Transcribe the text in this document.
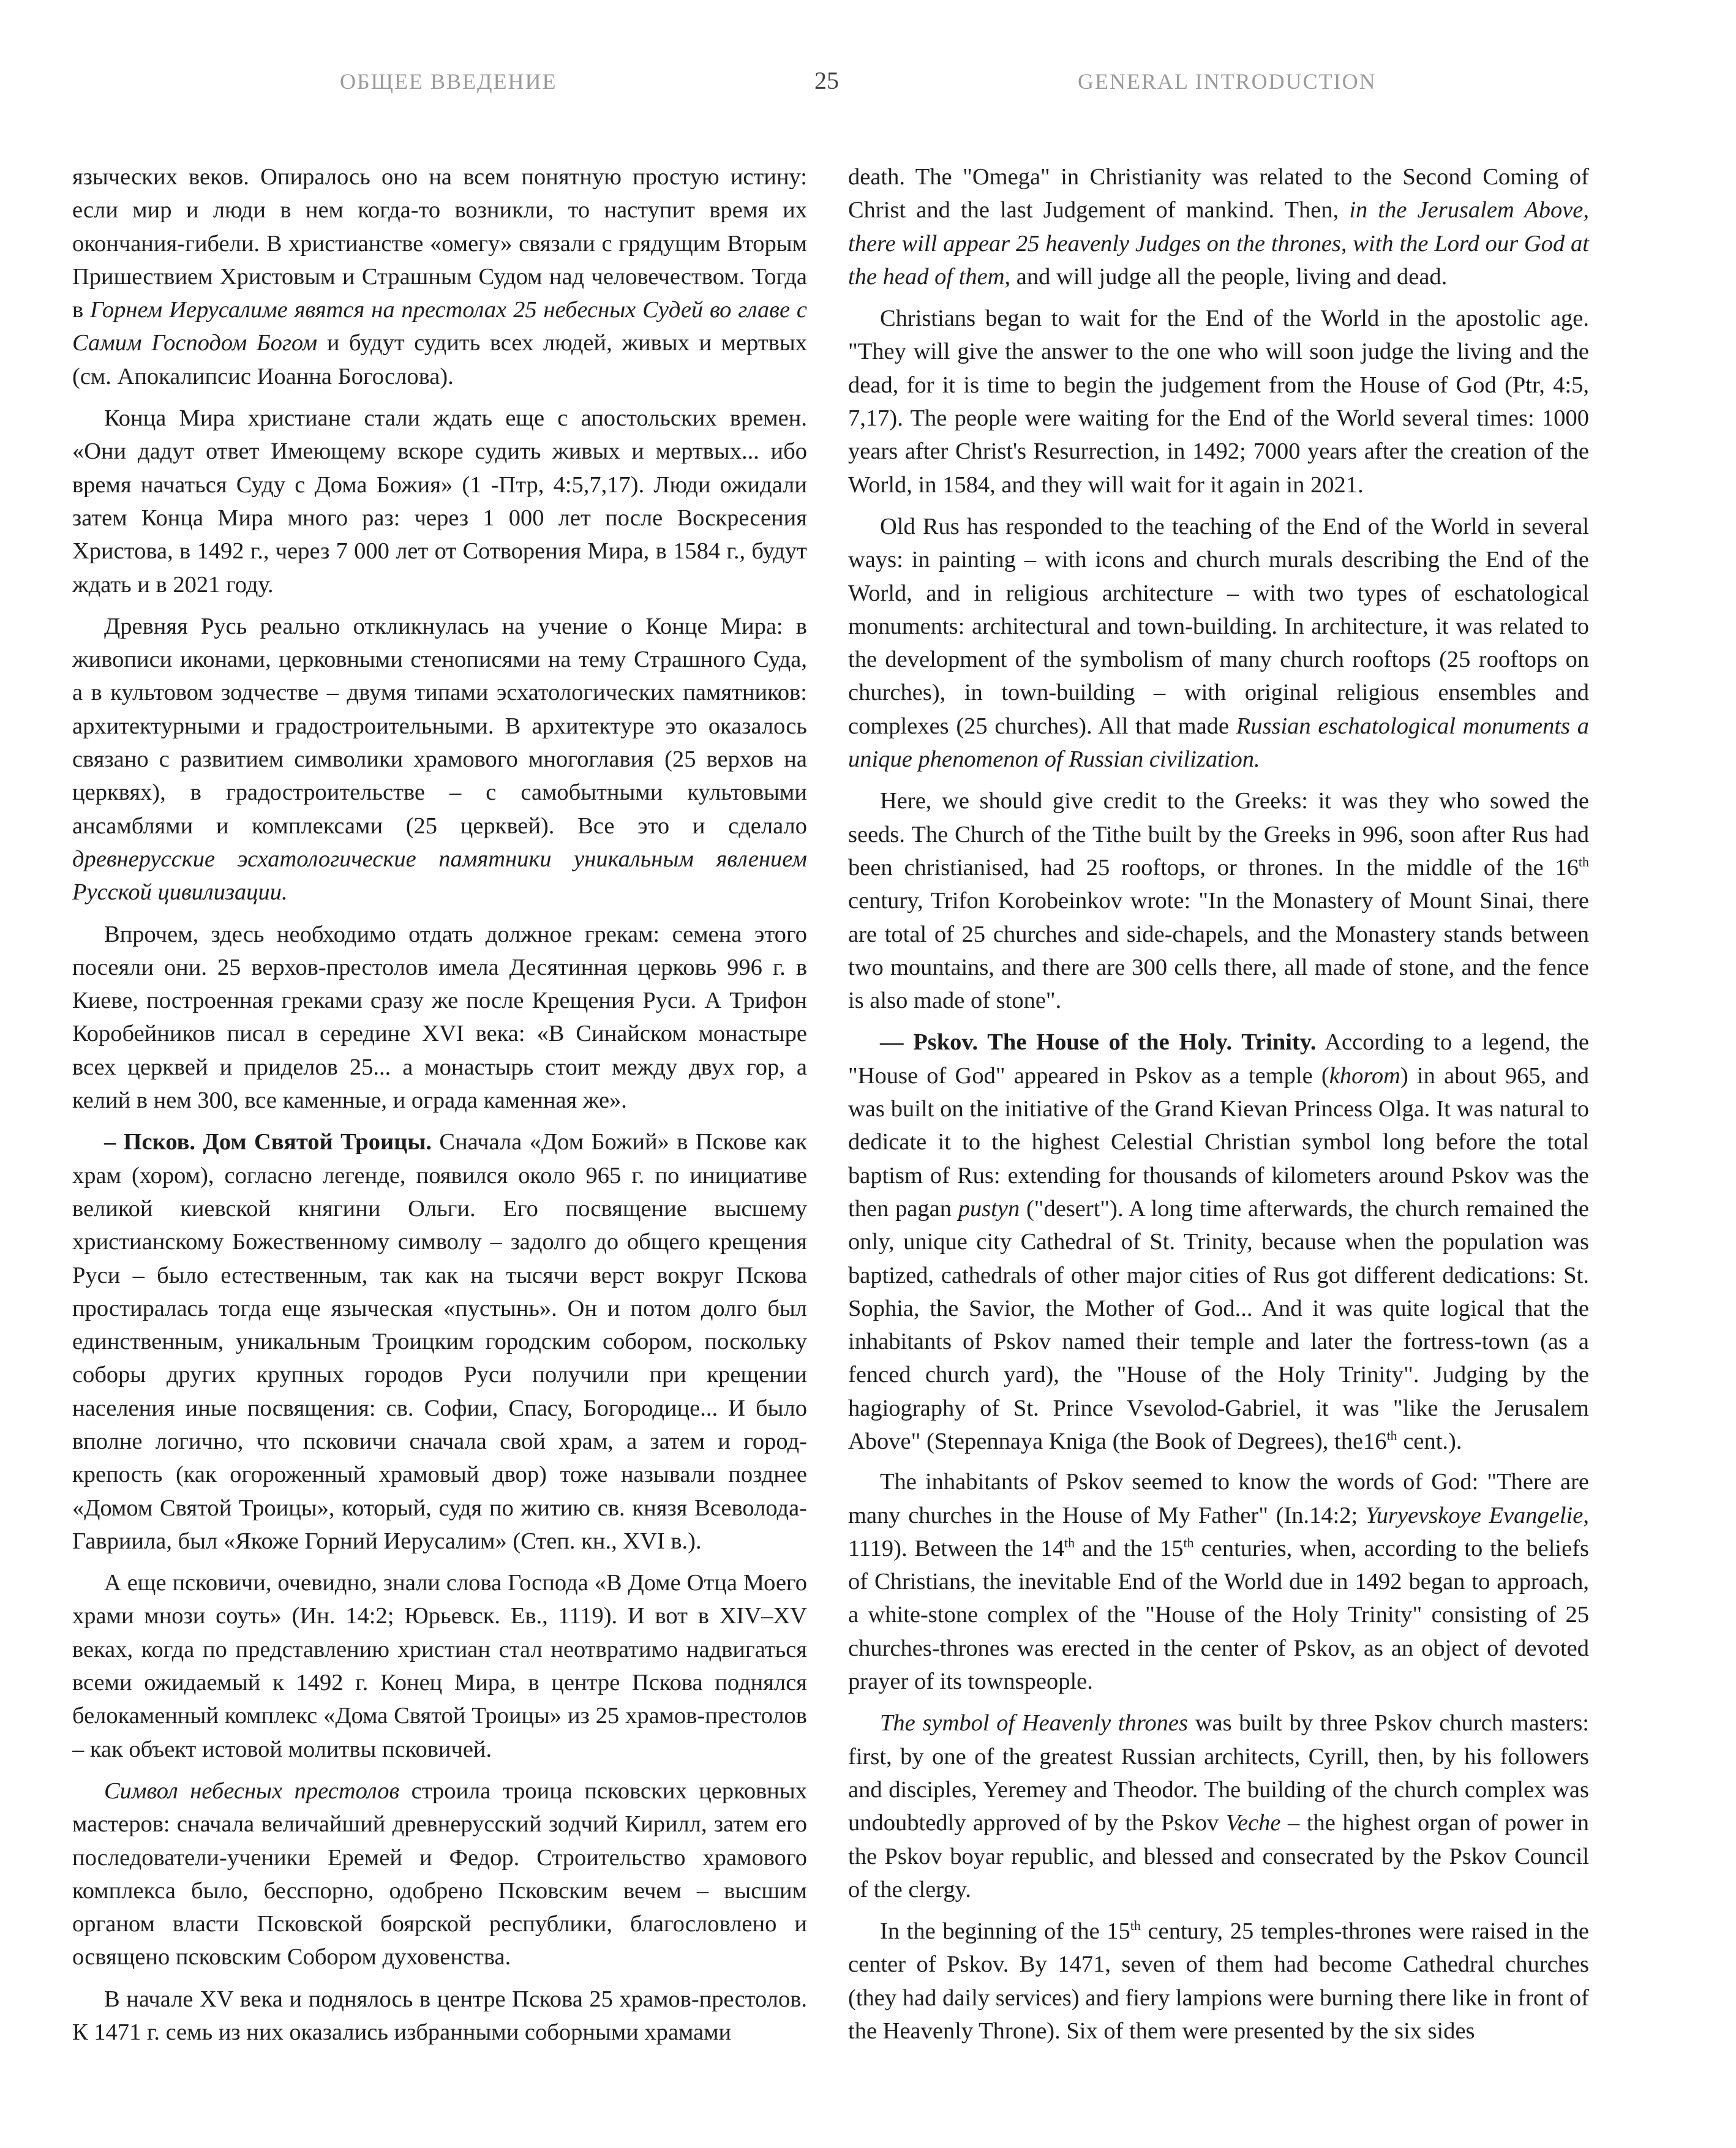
ОБЩЕЕ ВВЕДЕНИЕ	25	GENERAL INTRODUCTION

языческих веков. Опиралось оно на всем понятную простую истину: если мир и люди в нем когда-то возникли, то наступит время их окончания-гибели. В христианстве «омегу» связали с грядущим Вторым Пришествием Христовым и Страшным Судом над человечеством. Тогда в Горнем Иерусалиме явятся на престолах 25 небесных Судей во главе с Самим Господом Богом и будут судить всех людей, живых и мертвых (см. Апокалипсис Иоанна Богослова).

Конца Мира христиане стали ждать еще с апостольских времен. «Они дадут ответ Имеющему вскоре судить живых и мертвых... ибо время начаться Суду с Дома Божия» (1 -Птр, 4:5,7,17). Люди ожидали затем Конца Мира много раз: через 1 000 лет после Воскресения Христова, в 1492 г., через 7 000 лет от Сотворения Мира, в 1584 г., будут ждать и в 2021 году.

Древняя Русь реально откликнулась на учение о Конце Мира: в живописи иконами, церковными стенописями на тему Страшного Суда, а в культовом зодчестве – двумя типами эсхатологических памятников: архитектурными и градостроительными. В архитектуре это оказалось связано с развитием символики храмового многоглавия (25 верхов на церквях), в градостроительстве – с самобытными культовыми ансамблями и комплексами (25 церквей). Все это и сделало древнерусские эсхатологические памятники уникальным явлением Русской цивилизации.

Впрочем, здесь необходимо отдать должное грекам: семена этого посеяли они. 25 верхов-престолов имела Десятинная церковь 996 г. в Киеве, построенная греками сразу же после Крещения Руси. А Трифон Коробейников писал в середине XVI века: «В Синайском монастыре всех церквей и приделов 25... а монастырь стоит между двух гор, а келий в нем 300, все каменные, и ограда каменная же».

– Псков. Дом Святой Троицы. Сначала «Дом Божий» в Пскове как храм (хором), согласно легенде, появился около 965 г. по инициативе великой киевской княгини Ольги. Его посвящение высшему христианскому Божественному символу – задолго до общего крещения Руси – было естественным, так как на тысячи верст вокруг Пскова простиралась тогда еще языческая «пустынь». Он и потом долго был единственным, уникальным Троицким городским собором, поскольку соборы других крупных городов Руси получили при крещении населения иные посвящения: св. Софии, Спасу, Богородице... И было вполне логично, что псковичи сначала свой храм, а затем и город-крепость (как огороженный храмовый двор) тоже называли позднее «Домом Святой Троицы», который, судя по житию св. князя Всеволода-Гавриила, был «Якоже Горний Иерусалим» (Степ. кн., XVI в.).

А еще псковичи, очевидно, знали слова Господа «В Доме Отца Моего храми мнози соуть» (Ин. 14:2; Юрьевск. Ев., 1119). И вот в XIV–XV веках, когда по представлению христиан стал неотвратимо надвигаться всеми ожидаемый к 1492 г. Конец Мира, в центре Пскова поднялся белокаменный комплекс «Дома Святой Троицы» из 25 храмов-престолов – как объект истовой молитвы псковичей.

Символ небесных престолов строила троица псковских церковных мастеров: сначала величайший древнерусский зодчий Кирилл, затем его последователи-ученики Еремей и Федор. Строительство храмового комплекса было, бесспорно, одобрено Псковским вечем – высшим органом власти Псковской боярской республики, благословлено и освящено псковским Собором духовенства.

В начале XV века и поднялось в центре Пскова 25 храмов-престолов. К 1471 г. семь из них оказались избранными соборными храмами

death. The "Omega" in Christianity was related to the Second Coming of Christ and the last Judgement of mankind. Then, in the Jerusalem Above, there will appear 25 heavenly Judges on the thrones, with the Lord our God at the head of them, and will judge all the people, living and dead.

Christians began to wait for the End of the World in the apostolic age. "They will give the answer to the one who will soon judge the living and the dead, for it is time to begin the judgement from the House of God (Ptr, 4:5, 7,17). The people were waiting for the End of the World several times: 1000 years after Christ's Resurrection, in 1492; 7000 years after the creation of the World, in 1584, and they will wait for it again in 2021.

Old Rus has responded to the teaching of the End of the World in several ways: in painting – with icons and church murals describing the End of the World, and in religious architecture – with two types of eschatological monuments: architectural and town-building. In architecture, it was related to the development of the symbolism of many church rooftops (25 rooftops on churches), in town-building – with original religious ensembles and complexes (25 churches). All that made Russian eschatological monuments a unique phenomenon of Russian civilization.

Here, we should give credit to the Greeks: it was they who sowed the seeds. The Church of the Tithe built by the Greeks in 996, soon after Rus had been christianised, had 25 rooftops, or thrones. In the middle of the 16th century, Trifon Korobeinkov wrote: "In the Monastery of Mount Sinai, there are total of 25 churches and side-chapels, and the Monastery stands between two mountains, and there are 300 cells there, all made of stone, and the fence is also made of stone".

— Pskov. The House of the Holy. Trinity. According to a legend, the "House of God" appeared in Pskov as a temple (khorom) in about 965, and was built on the initiative of the Grand Kievan Princess Olga. It was natural to dedicate it to the highest Celestial Christian symbol long before the total baptism of Rus: extending for thousands of kilometers around Pskov was the then pagan pustyn ("desert"). A long time afterwards, the church remained the only, unique city Cathedral of St. Trinity, because when the population was baptized, cathedrals of other major cities of Rus got different dedications: St. Sophia, the Savior, the Mother of God... And it was quite logical that the inhabitants of Pskov named their temple and later the fortress-town (as a fenced church yard), the "House of the Holy Trinity". Judging by the hagiography of St. Prince Vsevolod-Gabriel, it was "like the Jerusalem Above" (Stepennaya Kniga (the Book of Degrees), the16th cent.).

The inhabitants of Pskov seemed to know the words of God: "There are many churches in the House of My Father" (In.14:2; Yuryevskoye Evangelie, 1119). Between the 14th and the 15th centuries, when, according to the beliefs of Christians, the inevitable End of the World due in 1492 began to approach, a white-stone complex of the "House of the Holy Trinity" consisting of 25 churches-thrones was erected in the center of Pskov, as an object of devoted prayer of its townspeople.

The symbol of Heavenly thrones was built by three Pskov church masters: first, by one of the greatest Russian architects, Cyrill, then, by his followers and disciples, Yeremey and Theodor. The building of the church complex was undoubtedly approved of by the Pskov Veche – the highest organ of power in the Pskov boyar republic, and blessed and consecrated by the Pskov Council of the clergy.

In the beginning of the 15th century, 25 temples-thrones were raised in the center of Pskov. By 1471, seven of them had become Cathedral churches (they had daily services) and fiery lampions were burning there like in front of the Heavenly Throne). Six of them were presented by the six sides
